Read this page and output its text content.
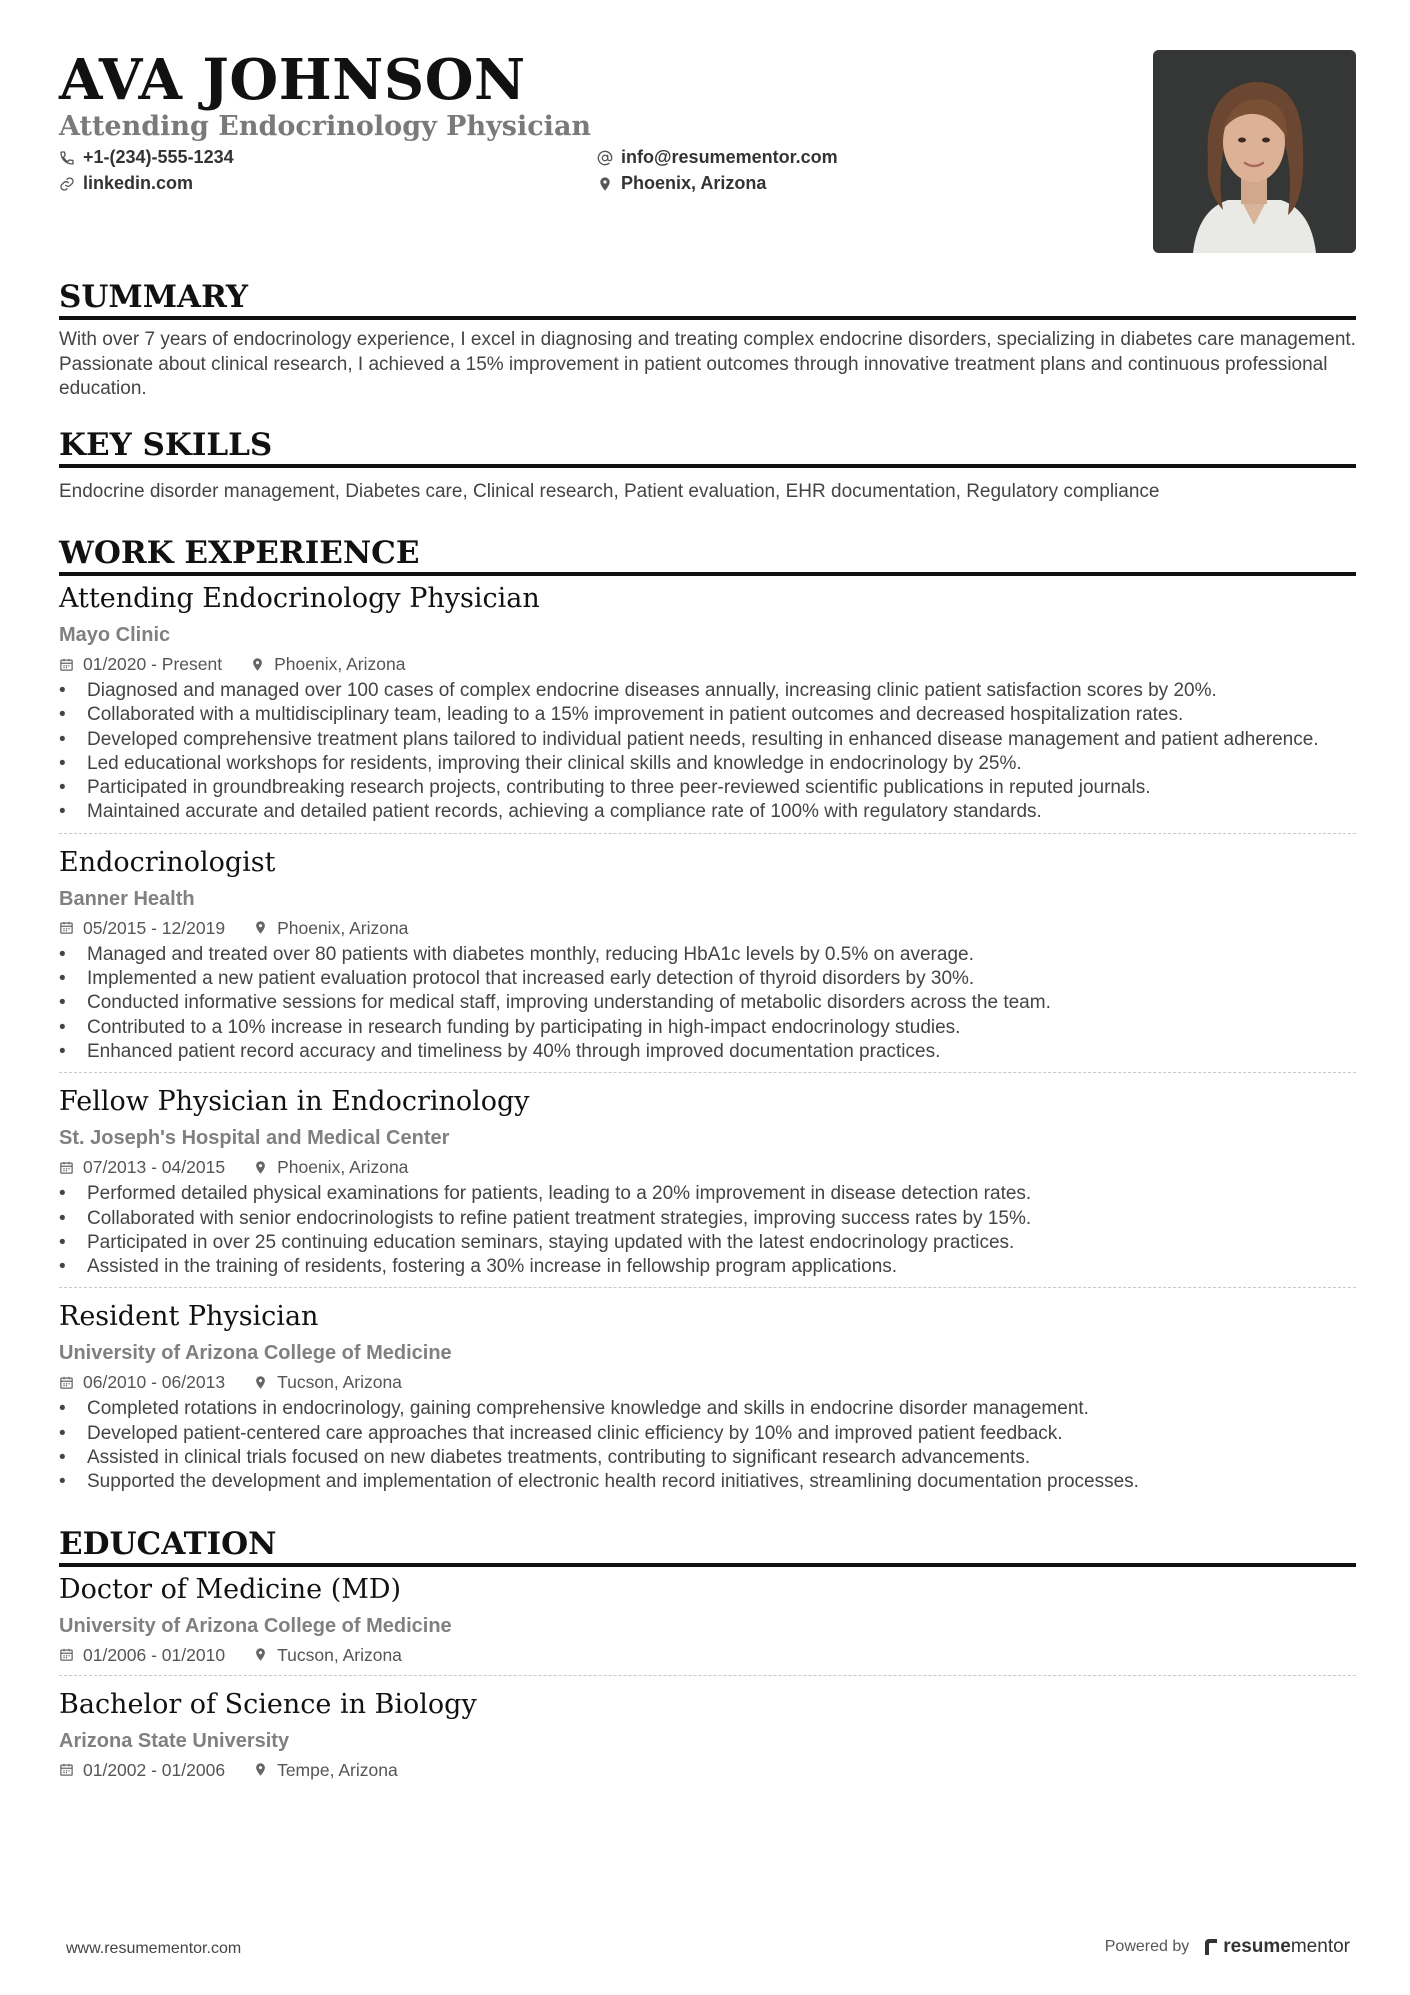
AVA JOHNSON
Attending Endocrinology Physician
+1-(234)-555-1234
linkedin.com
info@resumementor.com
Phoenix, Arizona
SUMMARY
With over 7 years of endocrinology experience, I excel in diagnosing and treating complex endocrine disorders, specializing in diabetes care management. Passionate about clinical research, I achieved a 15% improvement in patient outcomes through innovative treatment plans and continuous professional education.
KEY SKILLS
Endocrine disorder management, Diabetes care, Clinical research, Patient evaluation, EHR documentation, Regulatory compliance
WORK EXPERIENCE
Attending Endocrinology Physician
Mayo Clinic
01/2020 - Present	Phoenix, Arizona
• Diagnosed and managed over 100 cases of complex endocrine diseases annually, increasing clinic patient satisfaction scores by 20%.
• Collaborated with a multidisciplinary team, leading to a 15% improvement in patient outcomes and decreased hospitalization rates.
• Developed comprehensive treatment plans tailored to individual patient needs, resulting in enhanced disease management and patient adherence.
• Led educational workshops for residents, improving their clinical skills and knowledge in endocrinology by 25%.
• Participated in groundbreaking research projects, contributing to three peer-reviewed scientific publications in reputed journals.
• Maintained accurate and detailed patient records, achieving a compliance rate of 100% with regulatory standards.
Endocrinologist
Banner Health
05/2015 - 12/2019	Phoenix, Arizona
• Managed and treated over 80 patients with diabetes monthly, reducing HbA1c levels by 0.5% on average.
• Implemented a new patient evaluation protocol that increased early detection of thyroid disorders by 30%.
• Conducted informative sessions for medical staff, improving understanding of metabolic disorders across the team.
• Contributed to a 10% increase in research funding by participating in high-impact endocrinology studies.
• Enhanced patient record accuracy and timeliness by 40% through improved documentation practices.
Fellow Physician in Endocrinology
St. Joseph's Hospital and Medical Center
07/2013 - 04/2015	Phoenix, Arizona
• Performed detailed physical examinations for patients, leading to a 20% improvement in disease detection rates.
• Collaborated with senior endocrinologists to refine patient treatment strategies, improving success rates by 15%.
• Participated in over 25 continuing education seminars, staying updated with the latest endocrinology practices.
• Assisted in the training of residents, fostering a 30% increase in fellowship program applications.
Resident Physician
University of Arizona College of Medicine
06/2010 - 06/2013	Tucson, Arizona
• Completed rotations in endocrinology, gaining comprehensive knowledge and skills in endocrine disorder management.
• Developed patient-centered care approaches that increased clinic efficiency by 10% and improved patient feedback.
• Assisted in clinical trials focused on new diabetes treatments, contributing to significant research advancements.
• Supported the development and implementation of electronic health record initiatives, streamlining documentation processes.
EDUCATION
Doctor of Medicine (MD)
University of Arizona College of Medicine
01/2006 - 01/2010	Tucson, Arizona
Bachelor of Science in Biology
Arizona State University
01/2002 - 01/2006	Tempe, Arizona
www.resumementor.com	Powered by resumementor
